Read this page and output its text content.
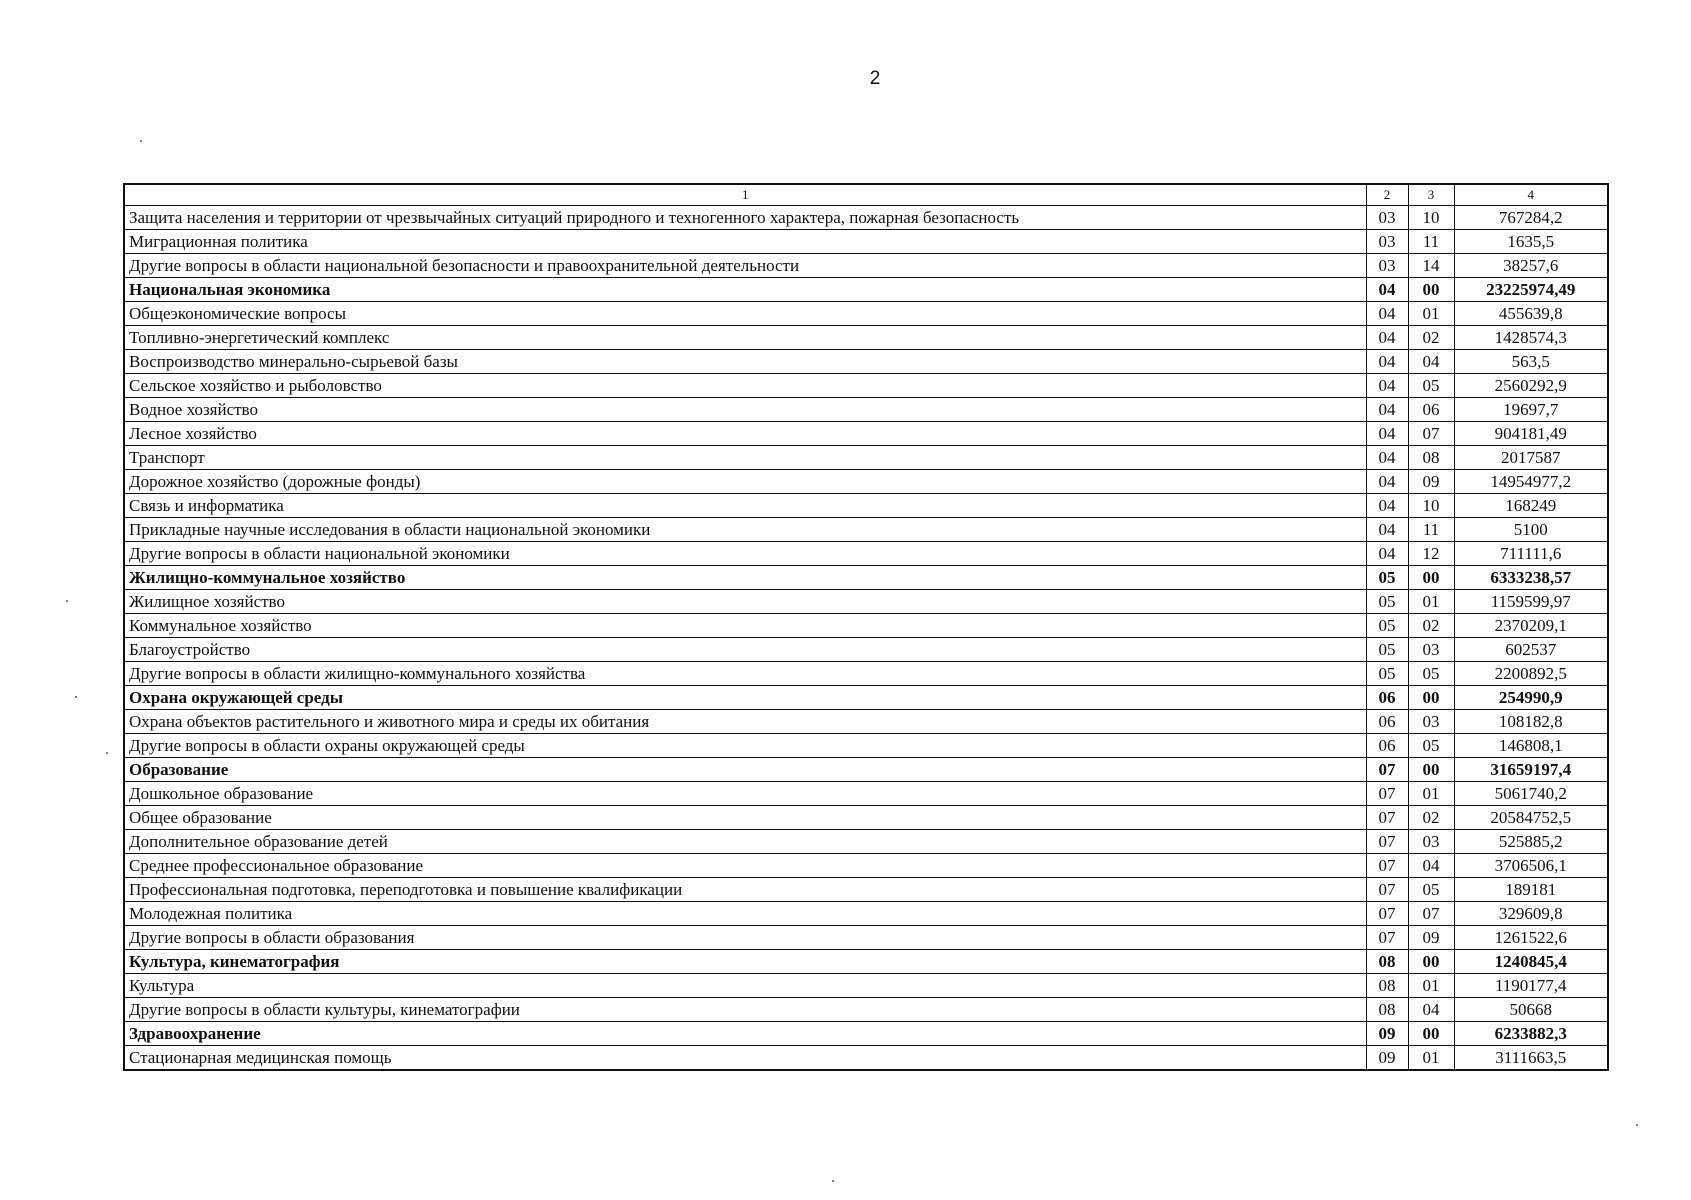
2
1	2	3	4
Защита населения и территории от чрезвычайных ситуаций природного и техногенного характера, пожарная безопасность	03	10	767284,2
Миграционная политика	03	11	1635,5
Другие вопросы в области национальной безопасности и правоохранительной деятельности	03	14	38257,6
Национальная экономика	04	00	23225974,49
Общеэкономические вопросы	04	01	455639,8
Топливно-энергетический комплекс	04	02	1428574,3
Воспроизводство минерально-сырьевой базы	04	04	563,5
Сельское хозяйство и рыболовство	04	05	2560292,9
Водное хозяйство	04	06	19697,7
Лесное хозяйство	04	07	904181,49
Транспорт	04	08	2017587
Дорожное хозяйство (дорожные фонды)	04	09	14954977,2
Связь и информатика	04	10	168249
Прикладные научные исследования в области национальной экономики	04	11	5100
Другие вопросы в области национальной экономики	04	12	711111,6
Жилищно-коммунальное хозяйство	05	00	6333238,57
Жилищное хозяйство	05	01	1159599,97
Коммунальное хозяйство	05	02	2370209,1
Благоустройство	05	03	602537
Другие вопросы в области жилищно-коммунального хозяйства	05	05	2200892,5
Охрана окружающей среды	06	00	254990,9
Охрана объектов растительного и животного мира и среды их обитания	06	03	108182,8
Другие вопросы в области охраны окружающей среды	06	05	146808,1
Образование	07	00	31659197,4
Дошкольное образование	07	01	5061740,2
Общее образование	07	02	20584752,5
Дополнительное образование детей	07	03	525885,2
Среднее профессиональное образование	07	04	3706506,1
Профессиональная подготовка, переподготовка и повышение квалификации	07	05	189181
Молодежная политика	07	07	329609,8
Другие вопросы в области образования	07	09	1261522,6
Культура, кинематография	08	00	1240845,4
Культура	08	01	1190177,4
Другие вопросы в области культуры, кинематографии	08	04	50668
Здравоохранение	09	00	6233882,3
Стационарная медицинская помощь	09	01	3111663,5
